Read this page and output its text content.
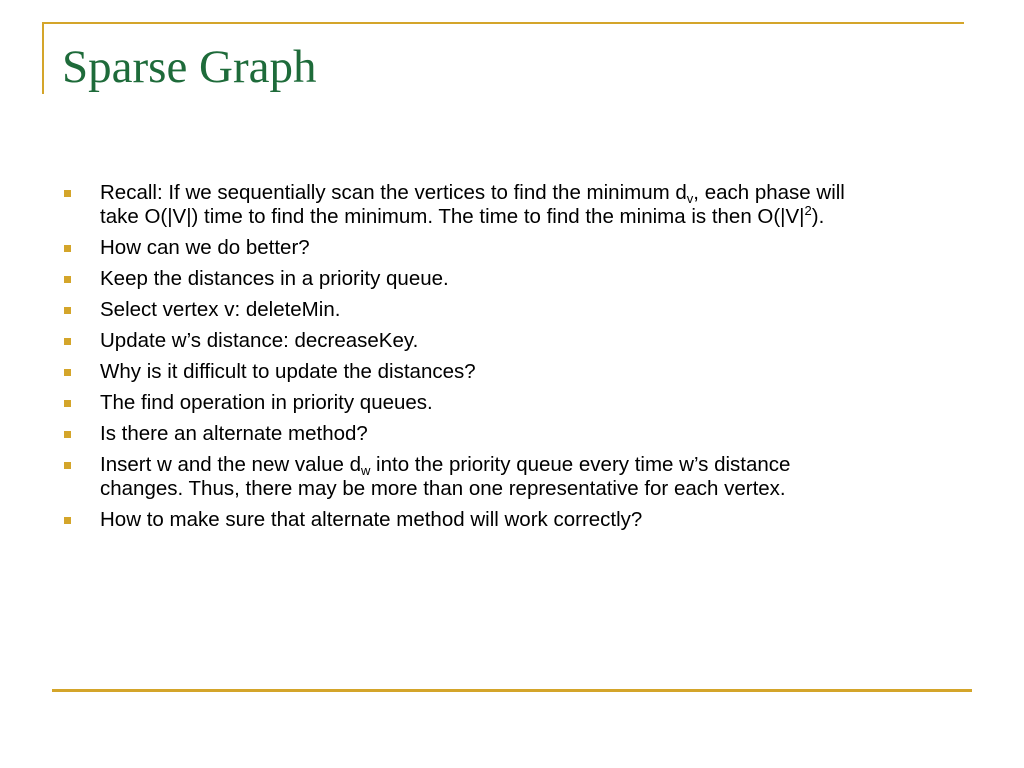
Sparse Graph
Recall: If we sequentially scan the vertices to find the minimum $d_v$, each phase will take O(|V|) time to find the minimum. The time to find the minima is then $O(|V|^2)$.
How can we do better?
Keep the distances in a priority queue.
Select vertex v: deleteMin.
Update w’s distance: decreaseKey.
Why is it difficult to update the distances?
The find operation in priority queues.
Is there an alternate method?
Insert w and the new value $d_w$ into the priority queue every time w’s distance changes. Thus, there may be more than one representative for each vertex.
How to make sure that alternate method will work correctly?
